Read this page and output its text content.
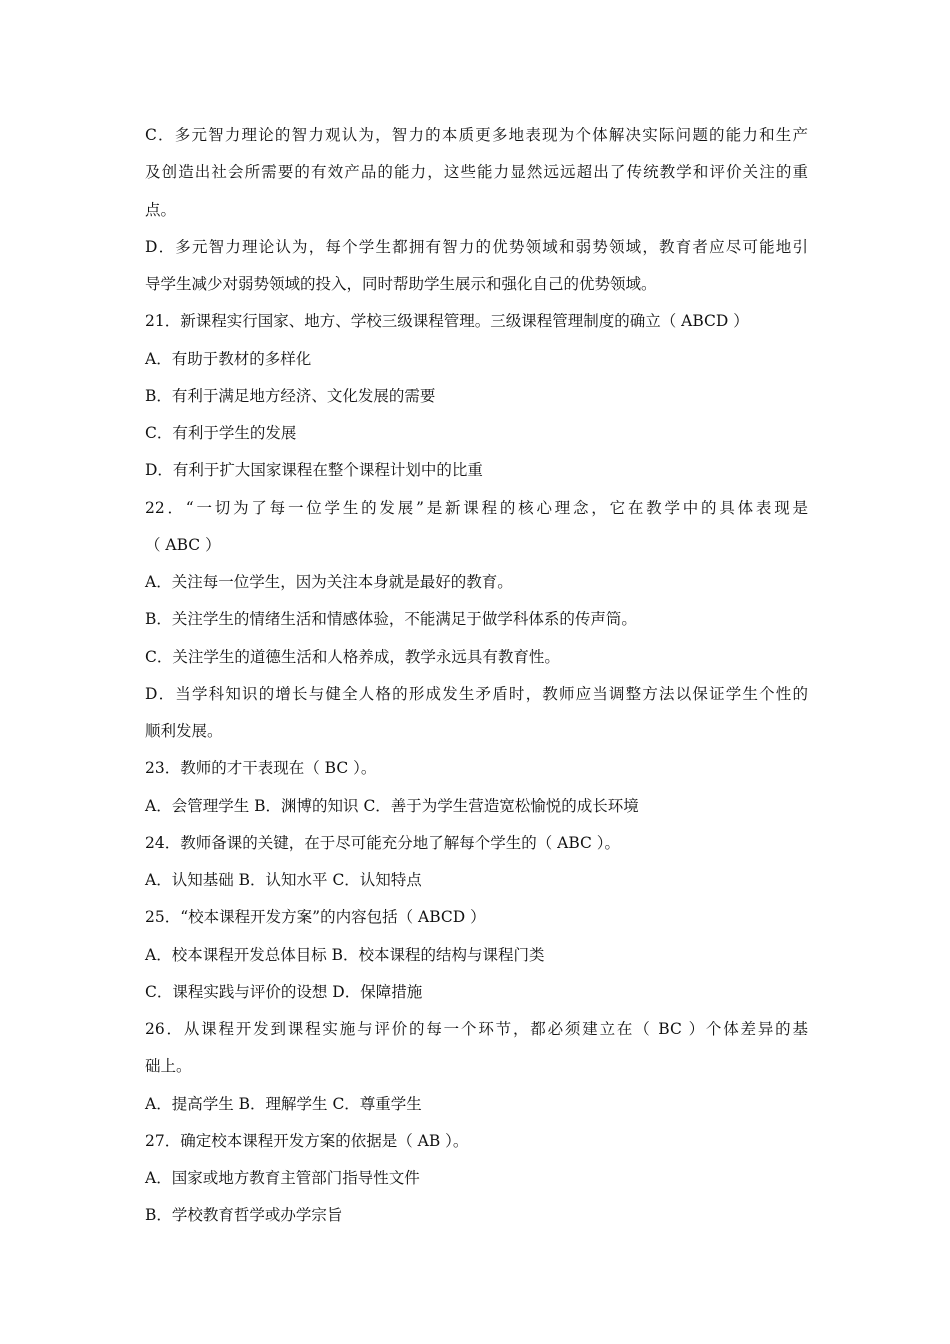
C．多元智力理论的智力观认为，智力的本质更多地表现为个体解决实际问题的能力和生产
及创造出社会所需要的有效产品的能力，这些能力显然远远超出了传统教学和评价关注的重
点。
D．多元智力理论认为，每个学生都拥有智力的优势领域和弱势领域，教育者应尽可能地引
导学生减少对弱势领域的投入，同时帮助学生展示和强化自己的优势领域。
21．新课程实行国家、地方、学校三级课程管理。三级课程管理制度的确立（ ABCD ）
A．有助于教材的多样化
B．有利于满足地方经济、文化发展的需要
C．有利于学生的发展
D．有利于扩大国家课程在整个课程计划中的比重
22．“一切为了每一位学生的发展”是新课程的核心理念，它在教学中的具体表现是
（ ABC ）
A．关注每一位学生，因为关注本身就是最好的教育。
B．关注学生的情绪生活和情感体验，不能满足于做学科体系的传声筒。
C．关注学生的道德生活和人格养成，教学永远具有教育性。
D．当学科知识的增长与健全人格的形成发生矛盾时，教师应当调整方法以保证学生个性的
顺利发展。
23．教师的才干表现在（ BC ）。
A．会管理学生 B．渊博的知识 C．善于为学生营造宽松愉悦的成长环境
24．教师备课的关键，在于尽可能充分地了解每个学生的（ ABC ）。
A．认知基础 B．认知水平 C．认知特点
25．“校本课程开发方案”的内容包括（ ABCD ）
A．校本课程开发总体目标 B．校本课程的结构与课程门类
C．课程实践与评价的设想 D．保障措施
26．从课程开发到课程实施与评价的每一个环节，都必须建立在（ BC ）个体差异的基
础上。
A．提高学生 B．理解学生 C．尊重学生
27．确定校本课程开发方案的依据是（ AB ）。
A．国家或地方教育主管部门指导性文件
B．学校教育哲学或办学宗旨
